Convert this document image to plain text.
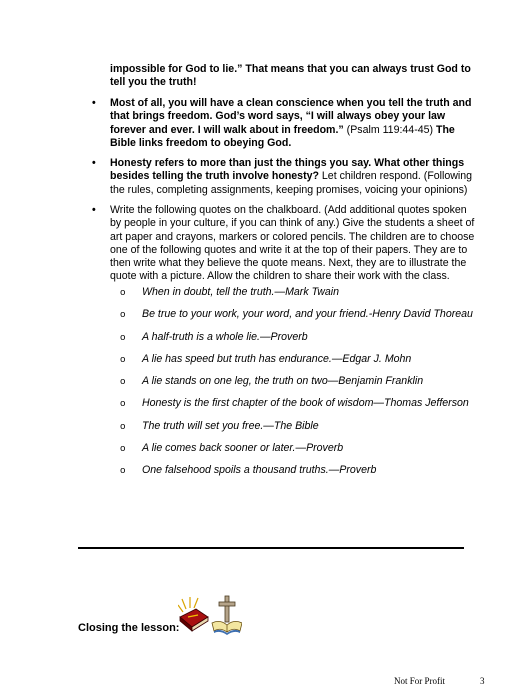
impossible for God to lie.” That means that you can always trust God to tell you the truth!
• Most of all, you will have a clean conscience when you tell the truth and that brings freedom. God’s word says, “I will always obey your law forever and ever. I will walk about in freedom.” (Psalm 119:44-45) The Bible links freedom to obeying God.
• Honesty refers to more than just the things you say. What other things besides telling the truth involve honesty? Let children respond. (Following the rules, completing assignments, keeping promises, voicing your opinions)
• Write the following quotes on the chalkboard. (Add additional quotes spoken by people in your culture, if you can think of any.) Give the students a sheet of art paper and crayons, markers or colored pencils. The children are to choose one of the following quotes and write it at the top of their papers. They are to then write what they believe the quote means. Next, they are to illustrate the quote with a picture. Allow the children to share their work with the class.
o When in doubt, tell the truth.—Mark Twain
o Be true to your work, your word, and your friend.-Henry David Thoreau
o A half-truth is a whole lie.—Proverb
o A lie has speed but truth has endurance.—Edgar J. Mohn
o A lie stands on one leg, the truth on two—Benjamin Franklin
o Honesty is the first chapter of the book of wisdom—Thomas Jefferson
o The truth will set you free.—The Bible
o A lie comes back sooner or later.—Proverb
o One falsehood spoils a thousand truths.—Proverb
Closing the lesson:
Not For Profit	3
